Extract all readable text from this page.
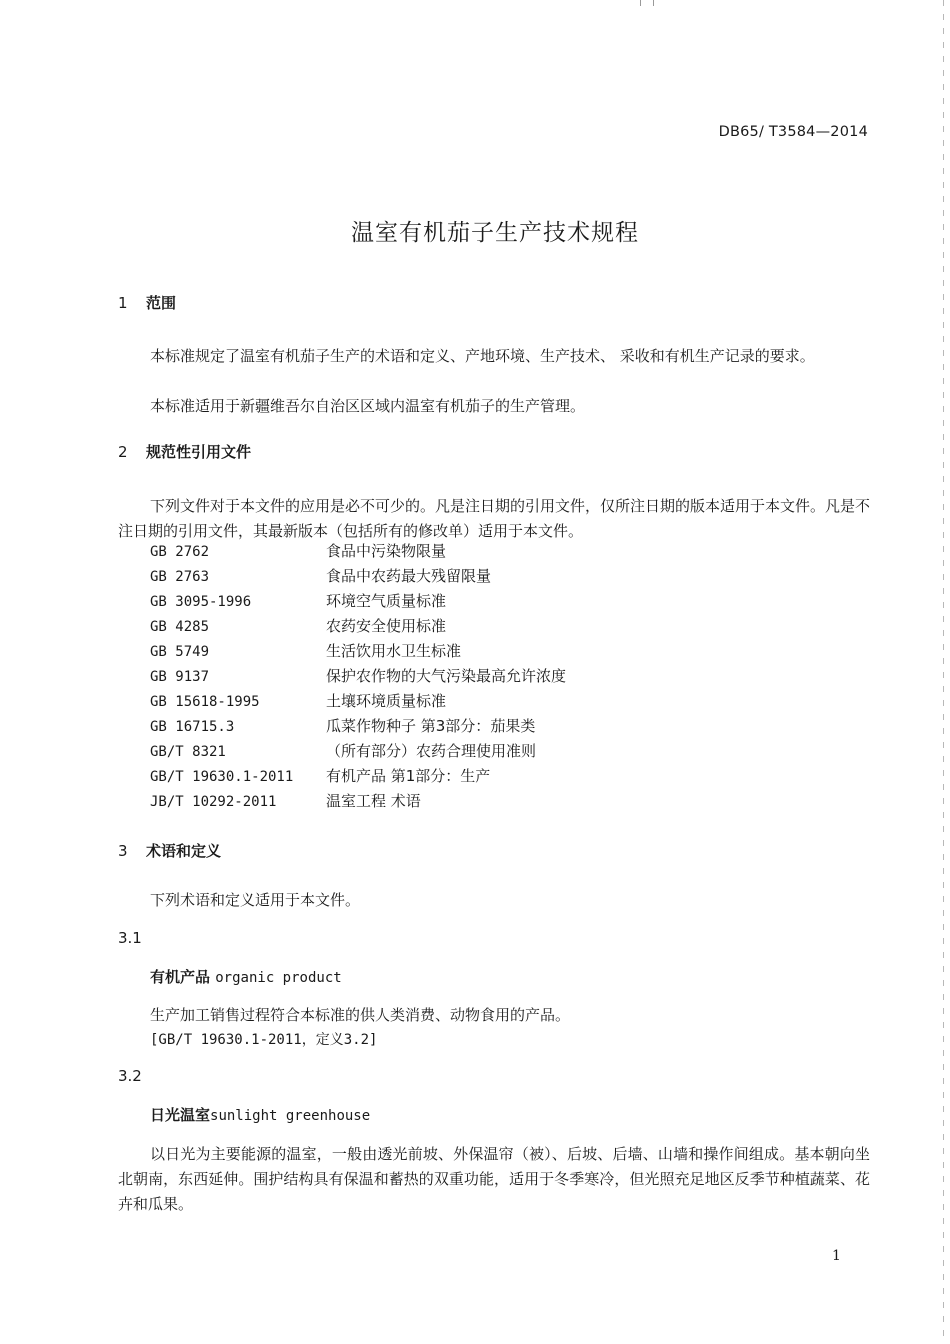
DB65/ T3584—2014
温室有机茄子生产技术规程
1 范围
本标准规定了温室有机茄子生产的术语和定义、产地环境、生产技术、 采收和有机生产记录的要求。
本标准适用于新疆维吾尔自治区区域内温室有机茄子的生产管理。
2 规范性引用文件
下列文件对于本文件的应用是必不可少的。凡是注日期的引用文件，仅所注日期的版本适用于本文件。凡是不注日期的引用文件，其最新版本（包括所有的修改单）适用于本文件。
GB 2762	食品中污染物限量
GB 2763	食品中农药最大残留限量
GB 3095-1996	环境空气质量标准
GB 4285	农药安全使用标准
GB 5749	生活饮用水卫生标准
GB 9137	保护农作物的大气污染最高允许浓度
GB 15618-1995	土壤环境质量标准
GB 16715.3	瓜菜作物种子 第3部分：茄果类
GB/T 8321	（所有部分）农药合理使用准则
GB/T 19630.1-2011 有机产品 第1部分：生产
JB/T 10292-2011	温室工程 术语
3 术语和定义
下列术语和定义适用于本文件。
3.1
有机产品 organic product
生产加工销售过程符合本标准的供人类消费、动物食用的产品。
[GB/T 19630.1-2011，定义3.2]
3.2
日光温室sunlight greenhouse
以日光为主要能源的温室，一般由透光前坡、外保温帘（被）、后坡、后墙、山墙和操作间组成。基本朝向坐北朝南，东西延伸。围护结构具有保温和蓄热的双重功能，适用于冬季寒冷，但光照充足地区反季节种植蔬菜、花卉和瓜果。
1
